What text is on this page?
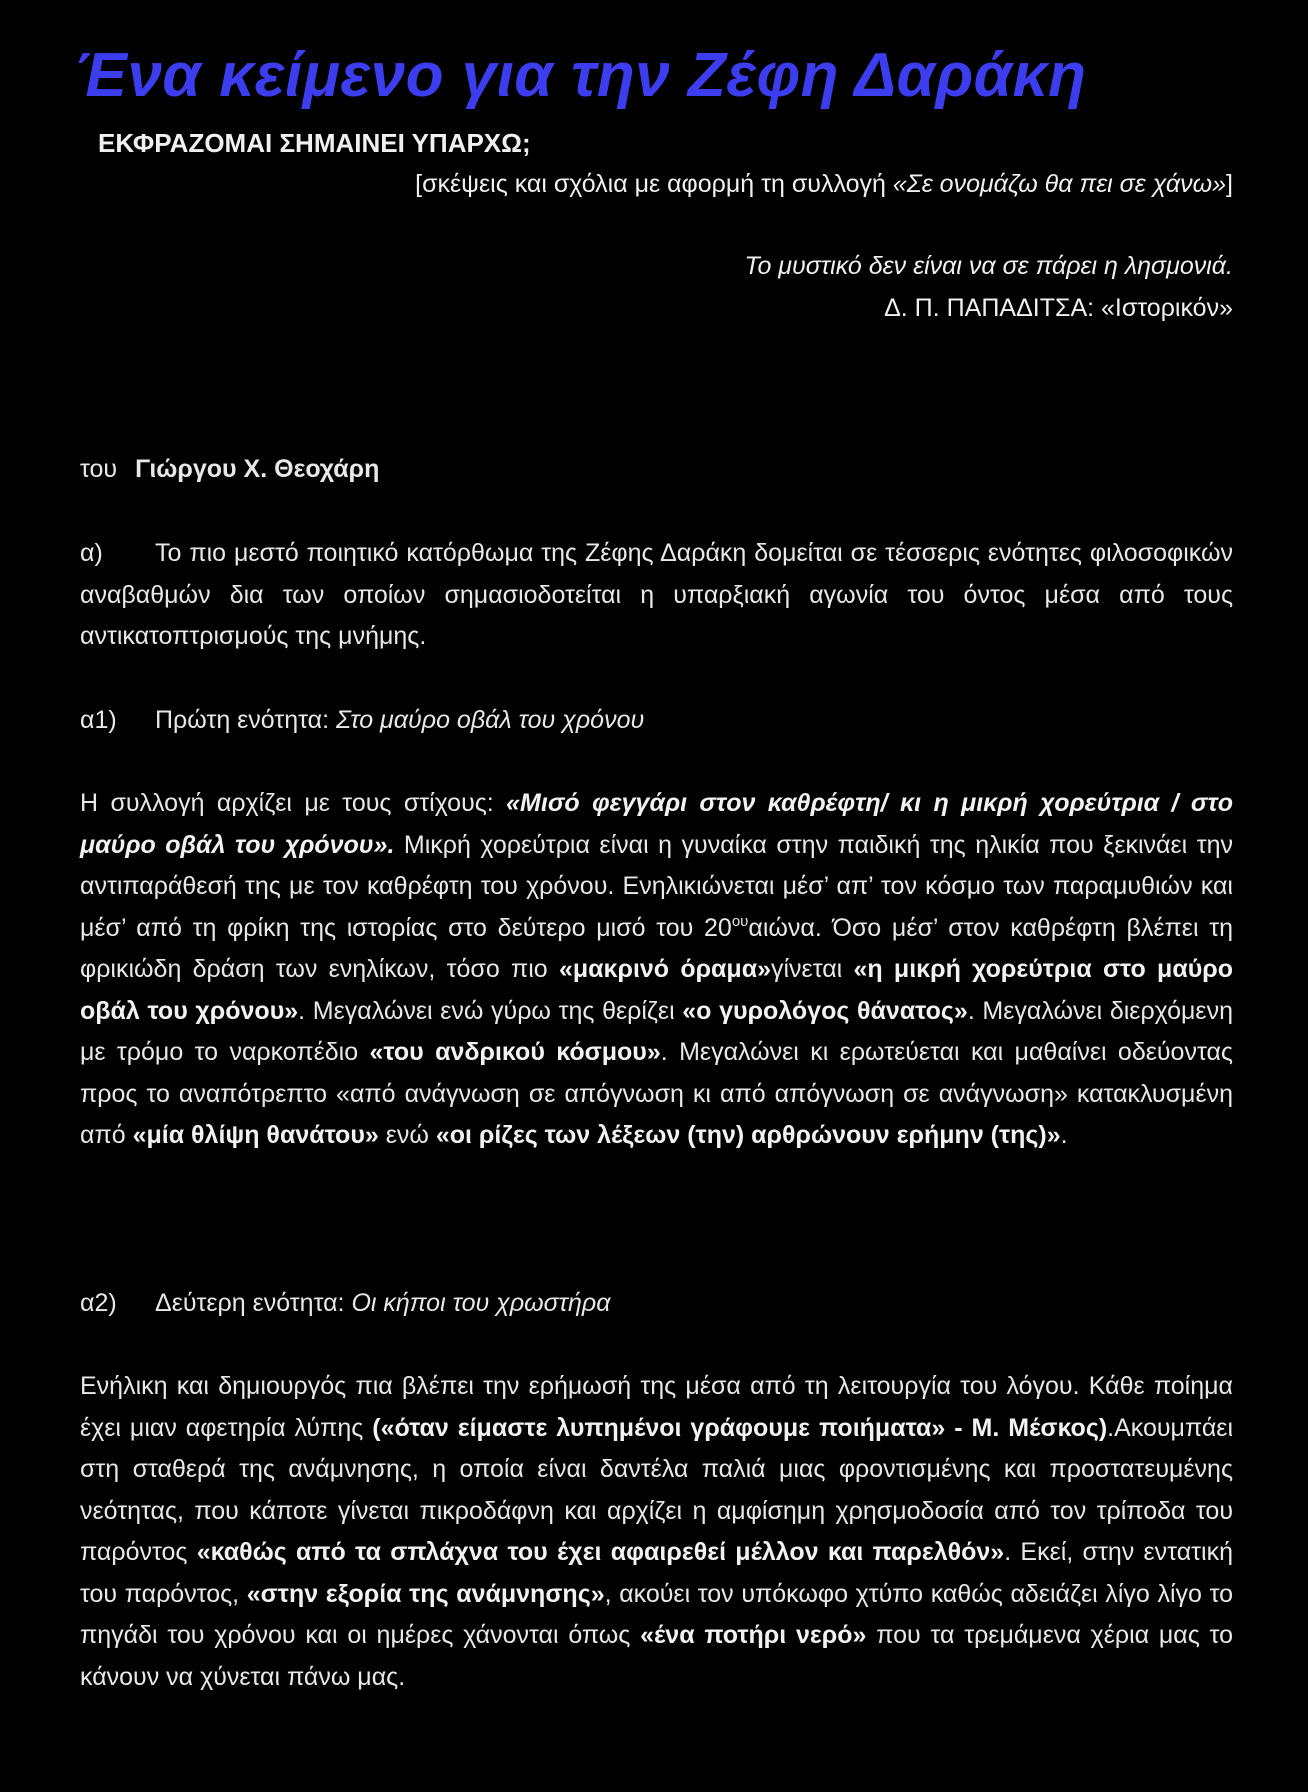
Ένα κείμενο για την Ζέφη Δαράκη
ΕΚΦΡΑΖΟΜΑΙ ΣΗΜΑΙΝΕΙ ΥΠΑΡΧΩ;
[σκέψεις και σχόλια με αφορμή τη συλλογή «Σε ονομάζω θα πει σε χάνω»]
Το μυστικό δεν είναι να σε πάρει η λησμονιά.
Δ. Π. ΠΑΠΑΔΙΤΣΑ: «Ιστορικόν»
του Γιώργου Χ. Θεοχάρη

α) Το πιο μεστό ποιητικό κατόρθωμα της Ζέφης Δαράκη δομείται σε τέσσερις ενότητες φιλοσοφικών αναβαθμών δια των οποίων σημασιοδοτείται η υπαρξιακή αγωνία του όντος μέσα από τους αντικατοπτρισμούς της μνήμης.

α1) Πρώτη ενότητα: Στο μαύρο οβάλ του χρόνου

Η συλλογή αρχίζει με τους στίχους: «Μισό φεγγάρι στον καθρέφτη/ κι η μικρή χορεύτρια / στο μαύρο οβάλ του χρόνου». Μικρή χορεύτρια είναι η γυναίκα στην παιδική της ηλικία που ξεκινάει την αντιπαράθεσή της με τον καθρέφτη του χρόνου. Ενηλικιώνεται μέσ’ απ’ τον κόσμο των παραμυθιών και μέσ’ από τη φρίκη της ιστορίας στο δεύτερο μισό του $20^{o\upsilon}\alpha\iota ώ\nu\alpha$. Όσο μέσ’ στον καθρέφτη βλέπει τη φρικιώδη δράση των ενηλίκων, τόσο πιο «μακρινό όραμα»γίνεται «η μικρή χορεύτρια στο μαύρο οβάλ του χρόνου». Μεγαλώνει ενώ γύρω της θερίζει «ο γυρολόγος θάνατος». Μεγαλώνει διερχόμενη με τρόμο το ναρκοπέδιο «του ανδρικού κόσμου». Μεγαλώνει κι ερωτεύεται και μαθαίνει οδεύοντας προς το αναπότρεπτο «από ανάγνωση σε απόγνωση κι από απόγνωση σε ανάγνωση» κατακλυσμένη από «μία θλίψη θανάτου» ενώ «οι ρίζες των λέξεων (την) αρθρώνουν ερήμην (της)».

α2) Δεύτερη ενότητα: Οι κήποι του χρωστήρα

Ενήλικη και δημιουργός πια βλέπει την ερήμωσή της μέσα από τη λειτουργία του λόγου. Κάθε ποίημα έχει μιαν αφετηρία λύπης («όταν είμαστε λυπημένοι γράφουμε ποιήματα» - Μ. Μέσκος).Ακουμπάει στη σταθερά της ανάμνησης, η οποία είναι δαντέλα παλιά μιας φροντισμένης και προστατευμένης νεότητας, που κάποτε γίνεται πικροδάφνη και αρχίζει η αμφίσημη χρησμοδοσία από τον τρίποδα του παρόντος «καθώς από τα σπλάχνα του έχει αφαιρεθεί μέλλον και παρελθόν». Εκεί, στην εντατική του παρόντος, «στην εξορία της ανάμνησης», ακούει τον υπόκωφο χτύπο καθώς αδειάζει λίγο λίγο το πηγάδι του χρόνου και οι ημέρες χάνονται όπως «ένα ποτήρι νερό» που τα τρεμάμενα χέρια μας το κάνουν να χύνεται πάνω μας.
